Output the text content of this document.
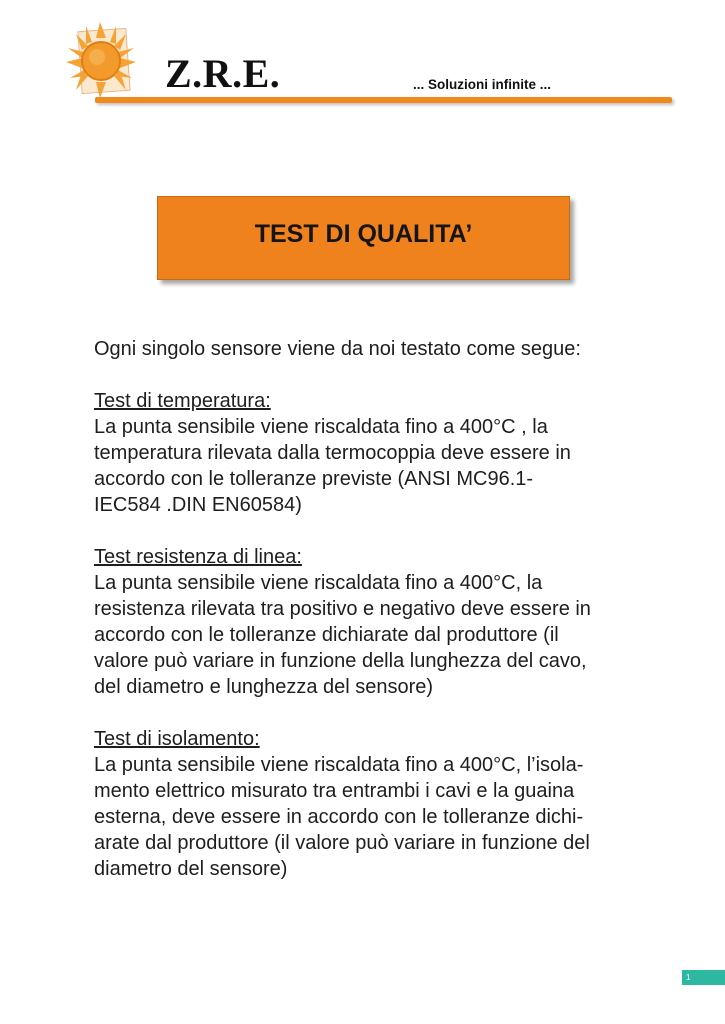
Z.R.E.	... Soluzioni infinite ...
TEST DI QUALITA’

Ogni singolo sensore viene da noi testato come segue:

Test di temperatura:
La punta sensibile viene riscaldata fino a 400°C , la
temperatura rilevata dalla termocoppia deve essere in
accordo con le tolleranze previste (ANSI MC96.1-
IEC584 .DIN EN60584)

Test resistenza di linea:
La punta sensibile viene riscaldata fino a 400°C, la
resistenza rilevata tra positivo e negativo deve essere in
accordo con le tolleranze dichiarate dal produttore (il
valore può variare in funzione della lunghezza del cavo,
del diametro e lunghezza del sensore)

Test di isolamento:
La punta sensibile viene riscaldata fino a 400°C, l’isola-
mento elettrico misurato tra entrambi i cavi e la guaina
esterna, deve essere in accordo con le tolleranze dichi-
arate dal produttore (il valore può variare in funzione del
diametro del sensore)

1
